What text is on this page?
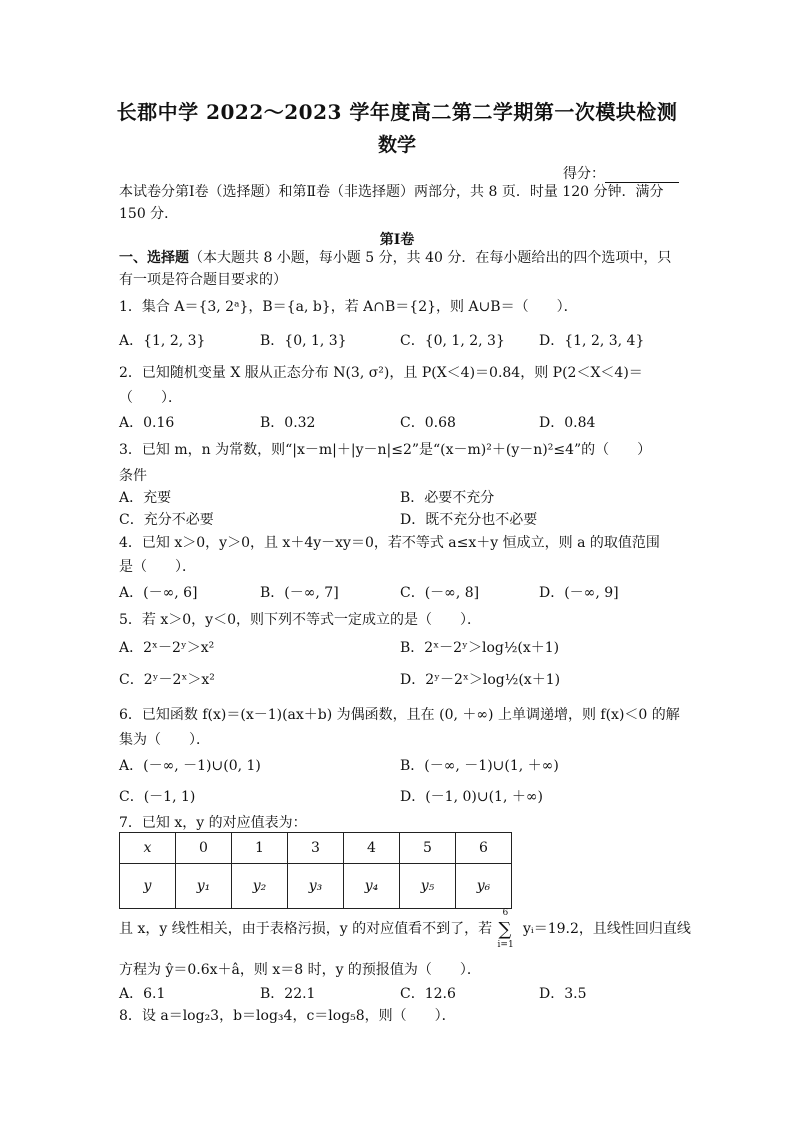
长郡中学 2022～2023 学年度高二第二学期第一次模块检测
数学
得分：
本试卷分第Ⅰ卷（选择题）和第Ⅱ卷（非选择题）两部分，共 8 页．时量 120 分钟．满分 150 分．
第Ⅰ卷
一、选择题（本大题共 8 小题，每小题 5 分，共 40 分．在每小题给出的四个选项中，只有一项是符合题目要求的）
1．集合 A＝{3, 2ᵃ}，B＝{a, b}，若 A∩B＝{2}，则 A∪B＝（　　）．
A．{1, 2, 3}	B．{0, 1, 3}	C．{0, 1, 2, 3} D．{1, 2, 3, 4}
2．已知随机变量 X 服从正态分布 N(3, σ²)，且 P(X＜4)＝0.84，则 P(2＜X＜4)＝
（　　）．
A．0.16	B．0.32	C．0.68	D．0.84
3．已知 m，n 为常数，则“|x－m|＋|y－n|≤2”是“(x－m)²＋(y－n)²≤4”的（　　）
条件
A．充要	B．必要不充分
C．充分不必要	D．既不充分也不必要
4．已知 x＞0，y＞0，且 x＋4y－xy＝0，若不等式 a≤x＋y 恒成立，则 a 的取值范围
是（　　）．
A．(－∞, 6]	B．(－∞, 7]	C．(－∞, 8]	D．(－∞, 9]
5．若 x＞0，y＜0，则下列不等式一定成立的是（　　）．
A．2ˣ－2ʸ＞x²	B．2ˣ－2ʸ＞log½(x＋1)
C．2ʸ－2ˣ＞x²	D．2ʸ－2ˣ＞log½(x＋1)
6．已知函数 f(x)＝(x－1)(ax＋b) 为偶函数，且在 (0, ＋∞) 上单调递增，则 f(x)＜0 的解
集为（　　）．
A．(－∞, －1)∪(0, 1)	B．(－∞, －1)∪(1, ＋∞)
C．(－1, 1)	D．(－1, 0)∪(1, ＋∞)
7．已知 x，y 的对应值表为：
x	0	1	3	4	5	6
y	y₁	y₂	y₃	y₄	y₅	y₆
且 x，y 线性相关，由于表格污损，y 的对应值看不到了，若
6
∑
i=1
yᵢ＝19.2，且线性回归直线
方程为 ŷ＝0.6x＋â，则 x＝8 时，y 的预报值为（　　）．
A．6.1	B．22.1	C．12.6	D．3.5
8．设 a＝log₂3，b＝log₃4，c＝log₅8，则（　　）．
